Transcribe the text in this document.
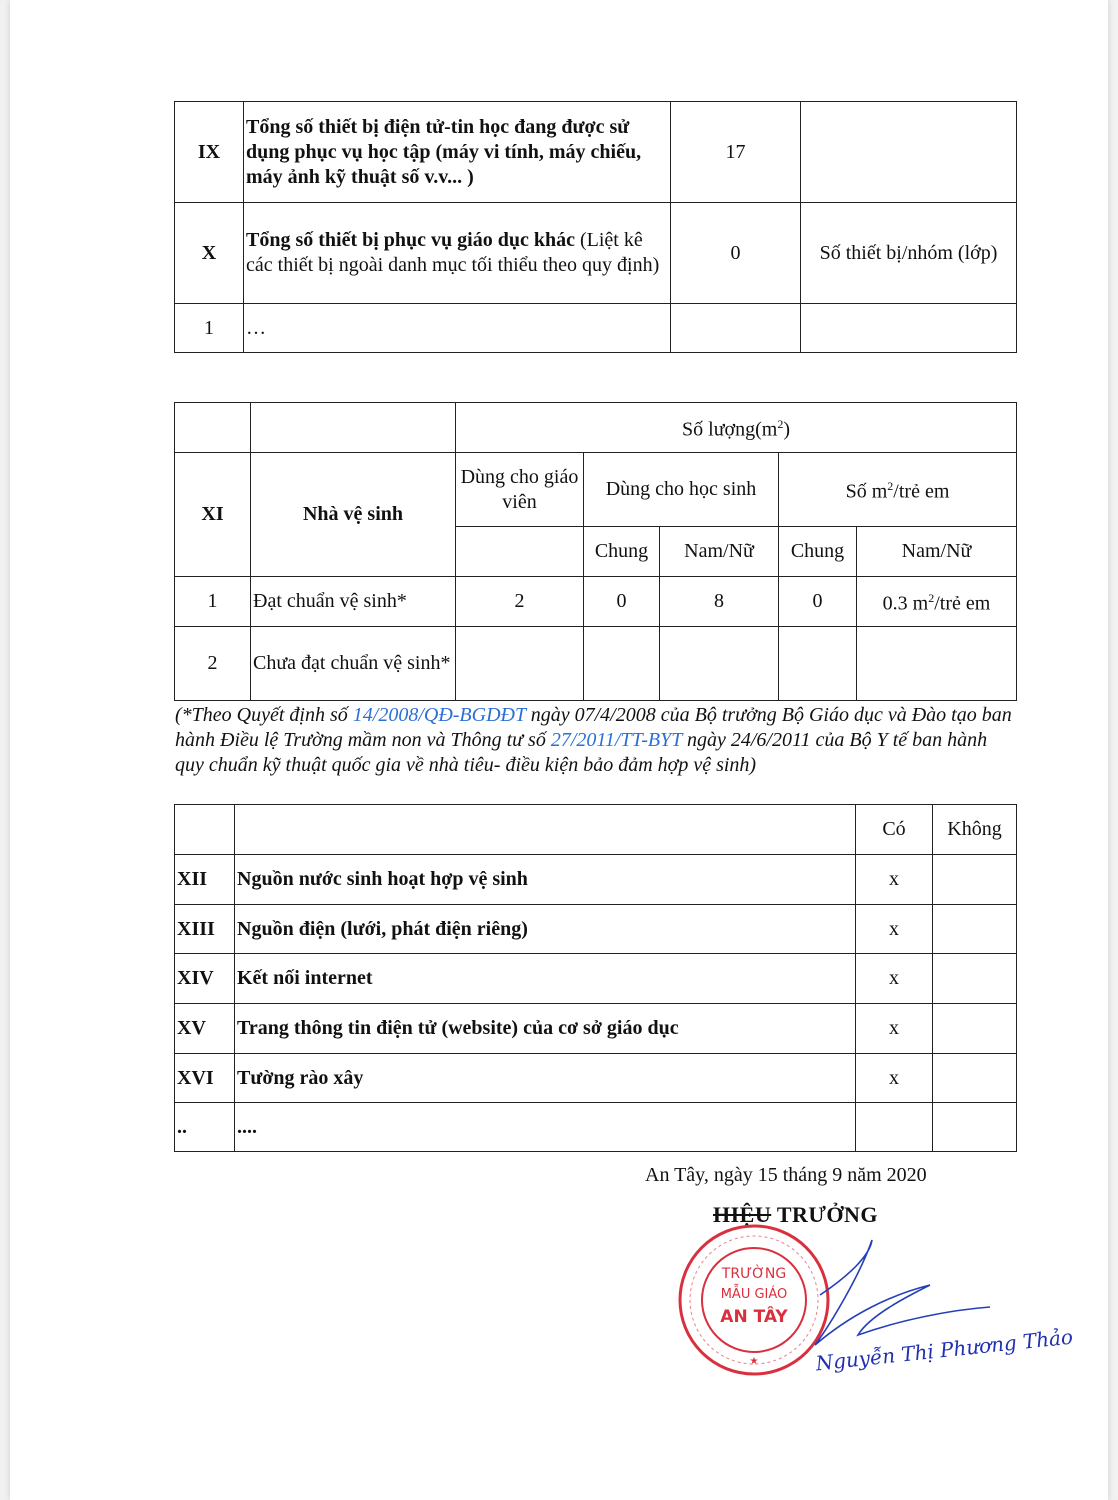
IX	Tổng số thiết bị điện tử-tin học đang được sử dụng phục vụ học tập (máy vi tính, máy chiếu, máy ảnh kỹ thuật số v.v... )	17	
X	Tổng số thiết bị phục vụ giáo dục khác (Liệt kê các thiết bị ngoài danh mục tối thiểu theo quy định)	0	Số thiết bị/nhóm (lớp)
1	…		
		Số $lượng(m^2)$				
XI	Nhà vệ sinh	Dùng cho giáo viên	Dùng cho học sinh		Số $m^2$/trẻ em	
			Chung	Nam/Nữ	Chung	Nam/Nữ
1	Đạt chuẩn vệ sinh*	2	0	8	0	0.3 $m^2$/trẻ em
2	Chưa đạt chuẩn vệ sinh*					
(*Theo Quyết định số 14/2008/QĐ-BGDĐT ngày 07/4/2008 của Bộ trưởng Bộ Giáo dục và Đào tạo ban hành Điều lệ Trường mầm non và Thông tư số 27/2011/TT-BYT ngày 24/6/2011 của Bộ Y tế ban hành quy chuẩn kỹ thuật quốc gia về nhà tiêu- điều kiện bảo đảm hợp vệ sinh)
		Có	Không
XII	Nguồn nước sinh hoạt hợp vệ sinh	x	
XIII	Nguồn điện (lưới, phát điện riêng)	x	
XIV	Kết nối internet	x	
XV	Trang thông tin điện tử (website) của cơ sở giáo dục	x	
XVI	Tường rào xây	x	
..	....		
An Tây, ngày 15 tháng 9 năm 2020
HIỆU TRƯỞNG
TRƯỜNG
MẪU GIÁO
AN TÂY
★	Nguyễn Thị Phương Thảo
